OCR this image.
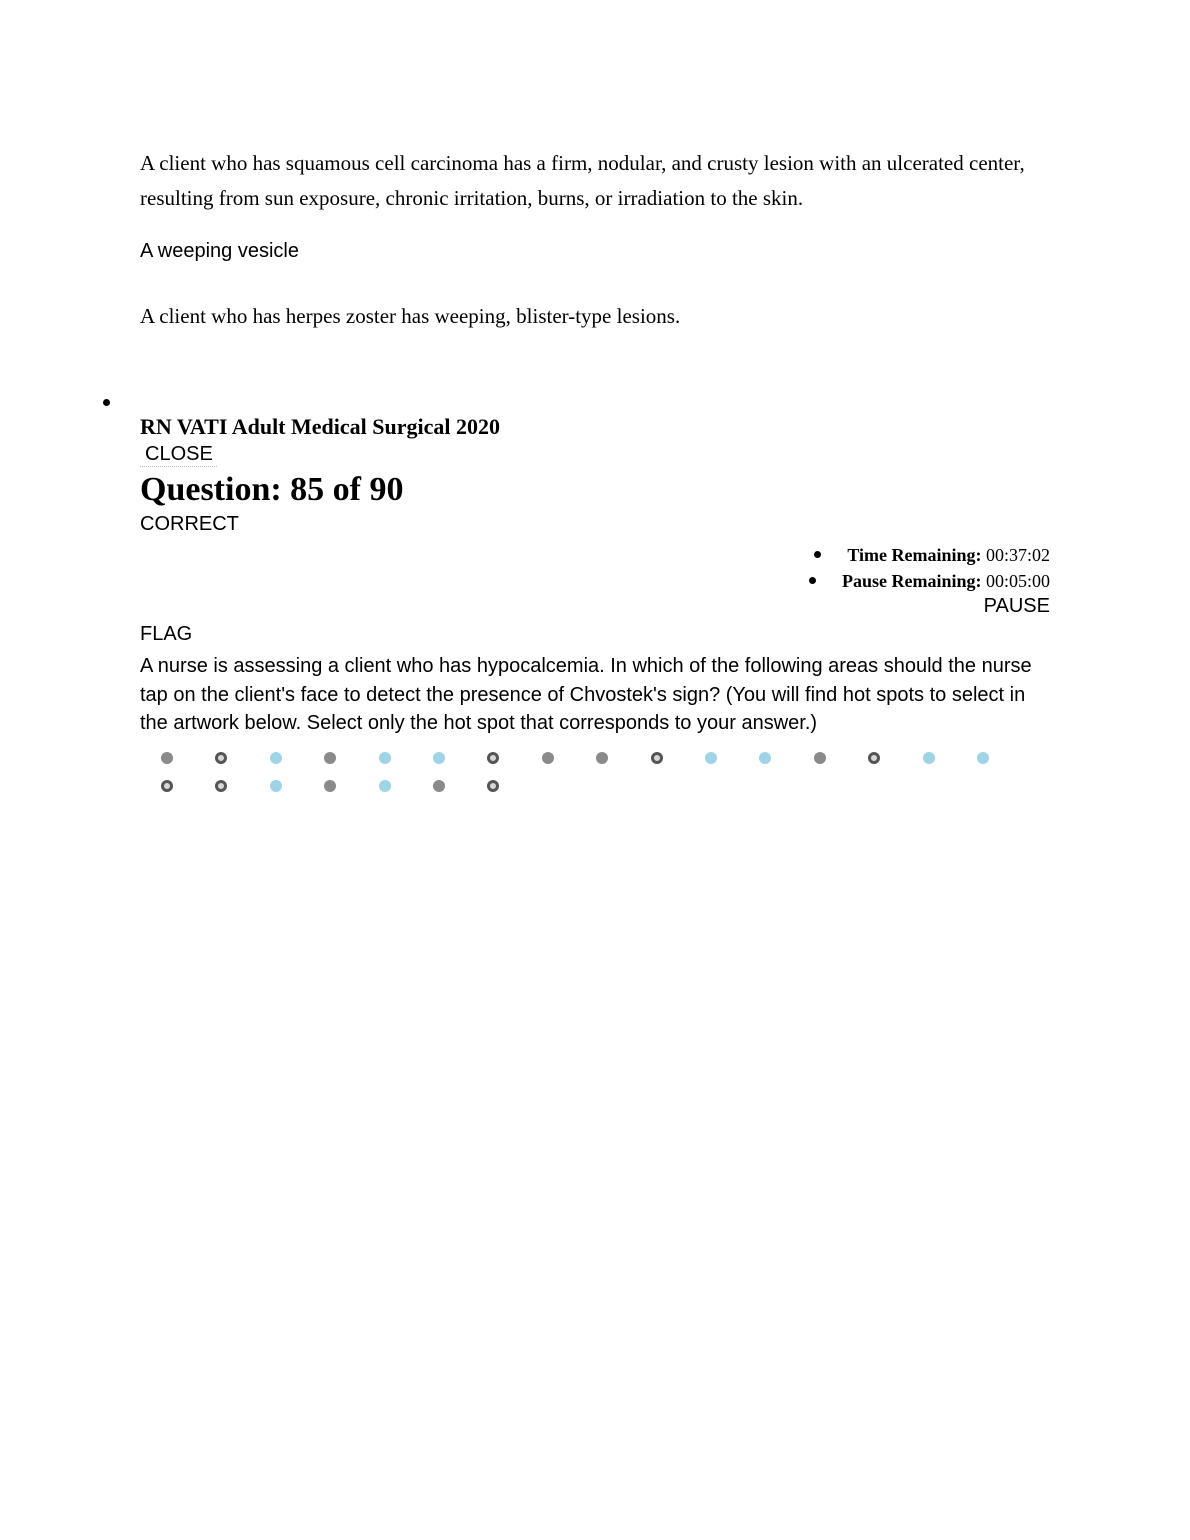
A client who has squamous cell carcinoma has a firm, nodular, and crusty lesion with an ulcerated center, resulting from sun exposure, chronic irritation, burns, or irradiation to the skin.
A weeping vesicle
A client who has herpes zoster has weeping, blister-type lesions.
RN VATI Adult Medical Surgical 2020
CLOSE
Question: 85 of 90
CORRECT
Time Remaining: 00:37:02
Pause Remaining: 00:05:00
PAUSE
FLAG
A nurse is assessing a client who has hypocalcemia. In which of the following areas should the nurse tap on the client's face to detect the presence of Chvostek's sign? (You will find hot spots to select in the artwork below. Select only the hot spot that corresponds to your answer.)
